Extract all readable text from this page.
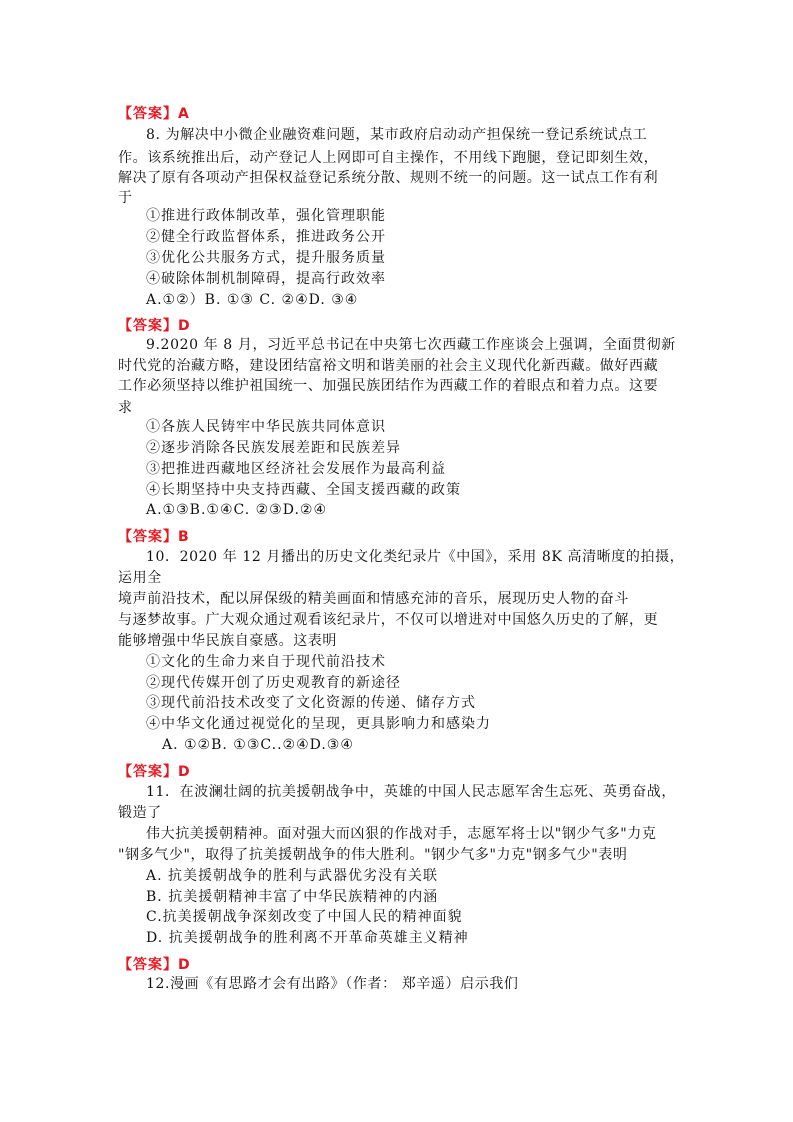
【答案】A
8. 为解决中小微企业融资难问题，某市政府启动动产担保统一登记系统试点工
作。该系统推出后，动产登记人上网即可自主操作，不用线下跑腿，登记即刻生效，
解决了原有各项动产担保权益登记系统分散、规则不统一的问题。这一试点工作有利
于
①推进行政体制改革，强化管理职能
②健全行政监督体系，推进政务公开
③优化公共服务方式，提升服务质量
④破除体制机制障碍，提高行政效率
A.①②）B. ①③ C. ②④D. ③④
【答案】D
9.2020 年 8 月，习近平总书记在中央第七次西藏工作座谈会上强调，全面贯彻新
时代党的治藏方略，建设团结富裕文明和谐美丽的社会主义现代化新西藏。做好西藏
工作必须坚持以维护祖国统一、加强民族团结作为西藏工作的着眼点和着力点。这要
求
①各族人民铸牢中华民族共同体意识
②逐步消除各民族发展差距和民族差异
③把推进西藏地区经济社会发展作为最高利益
④长期坚持中央支持西藏、全国支援西藏的政策
A.①③B.①④C. ②③D.②④
【答案】B
10．2020 年 12 月播出的历史文化类纪录片《中国》，采用 8K 高清晰度的拍摄，
运用全
境声前沿技术，配以屏保级的精美画面和情感充沛的音乐，展现历史人物的奋斗
与逐梦故事。广大观众通过观看该纪录片，不仅可以增进对中国悠久历史的了解，更
能够增强中华民族自豪感。这表明
①文化的生命力来自于现代前沿技术
②现代传媒开创了历史观教育的新途径
③现代前沿技术改变了文化资源的传递、储存方式
④中华文化通过视觉化的呈现，更具影响力和感染力
A. ①②B. ①③C..②④D.③④
【答案】D
11．在波澜壮阔的抗美援朝战争中，英雄的中国人民志愿军舍生忘死、英勇奋战，
锻造了
伟大抗美援朝精神。面对强大而凶狠的作战对手，志愿军将士以"钢少气多"力克
"钢多气少"，取得了抗美援朝战争的伟大胜利。"钢少气多"力克"钢多气少"表明
A. 抗美援朝战争的胜利与武器优劣没有关联
B. 抗美援朝精神丰富了中华民族精神的内涵
C.抗美援朝战争深刻改变了中国人民的精神面貌
D. 抗美援朝战争的胜利离不开革命英雄主义精神
【答案】D
12.漫画《有思路才会有出路》（作者： 郑辛遥）启示我们
